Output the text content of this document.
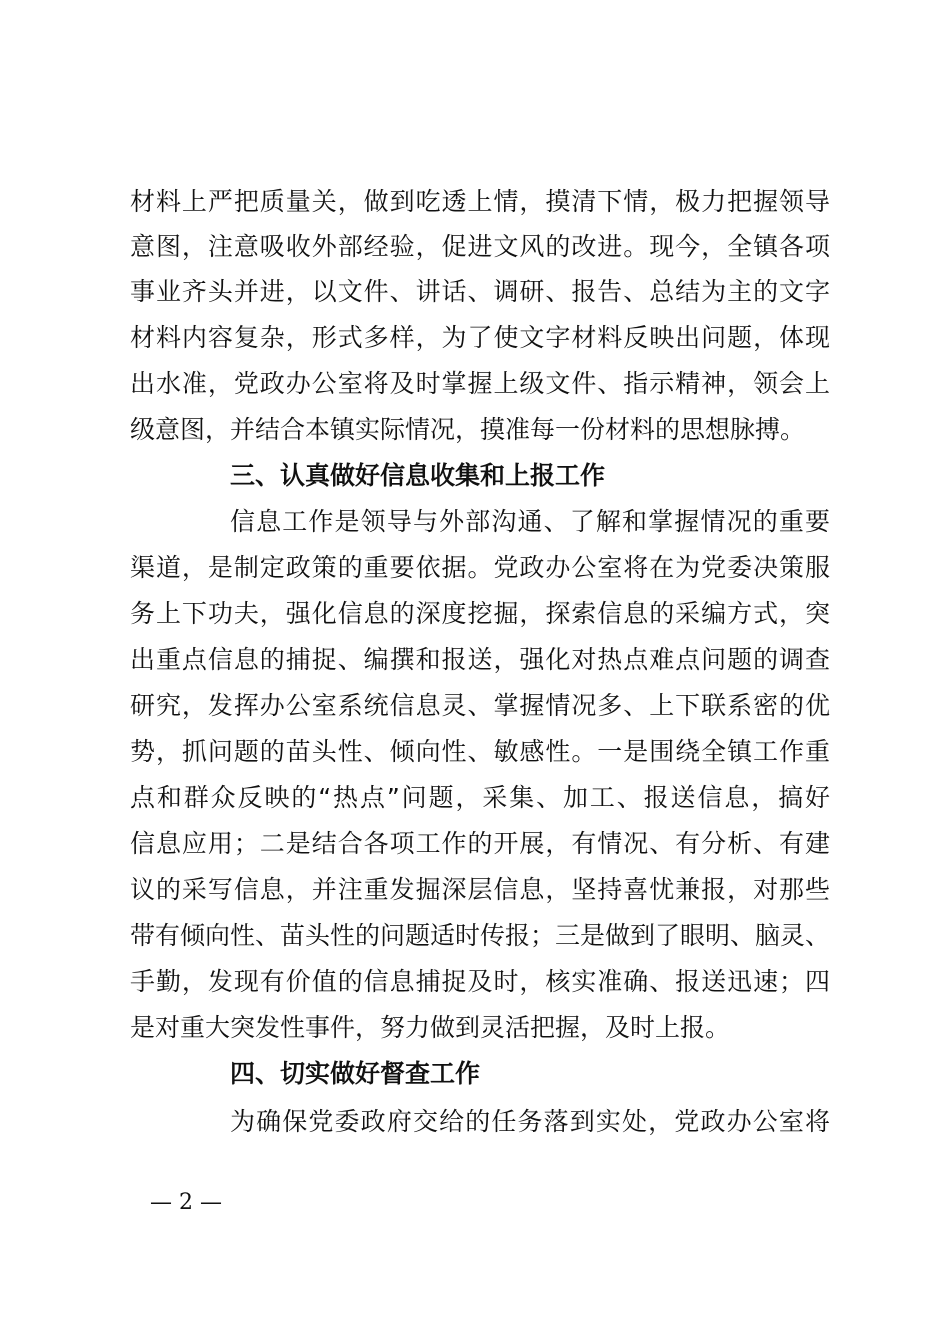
材料上严把质量关，做到吃透上情，摸清下情，极力把握领导
意图，注意吸收外部经验，促进文风的改进。现今，全镇各项
事业齐头并进，以文件、讲话、调研、报告、总结为主的文字
材料内容复杂，形式多样，为了使文字材料反映出问题，体现
出水准，党政办公室将及时掌握上级文件、指示精神，领会上
级意图，并结合本镇实际情况，摸准每一份材料的思想脉搏。
三、认真做好信息收集和上报工作
信息工作是领导与外部沟通、了解和掌握情况的重要
渠道，是制定政策的重要依据。党政办公室将在为党委决策服
务上下功夫，强化信息的深度挖掘，探索信息的采编方式，突
出重点信息的捕捉、编撰和报送，强化对热点难点问题的调查
研究，发挥办公室系统信息灵、掌握情况多、上下联系密的优
势，抓问题的苗头性、倾向性、敏感性。一是围绕全镇工作重
点和群众反映的“热点”问题，采集、加工、报送信息，搞好
信息应用；二是结合各项工作的开展，有情况、有分析、有建
议的采写信息，并注重发掘深层信息，坚持喜忧兼报，对那些
带有倾向性、苗头性的问题适时传报；三是做到了眼明、脑灵、
手勤，发现有价值的信息捕捉及时，核实准确、报送迅速；四
是对重大突发性事件，努力做到灵活把握，及时上报。
四、切实做好督查工作
为确保党委政府交给的任务落到实处，党政办公室将
— 2 —
